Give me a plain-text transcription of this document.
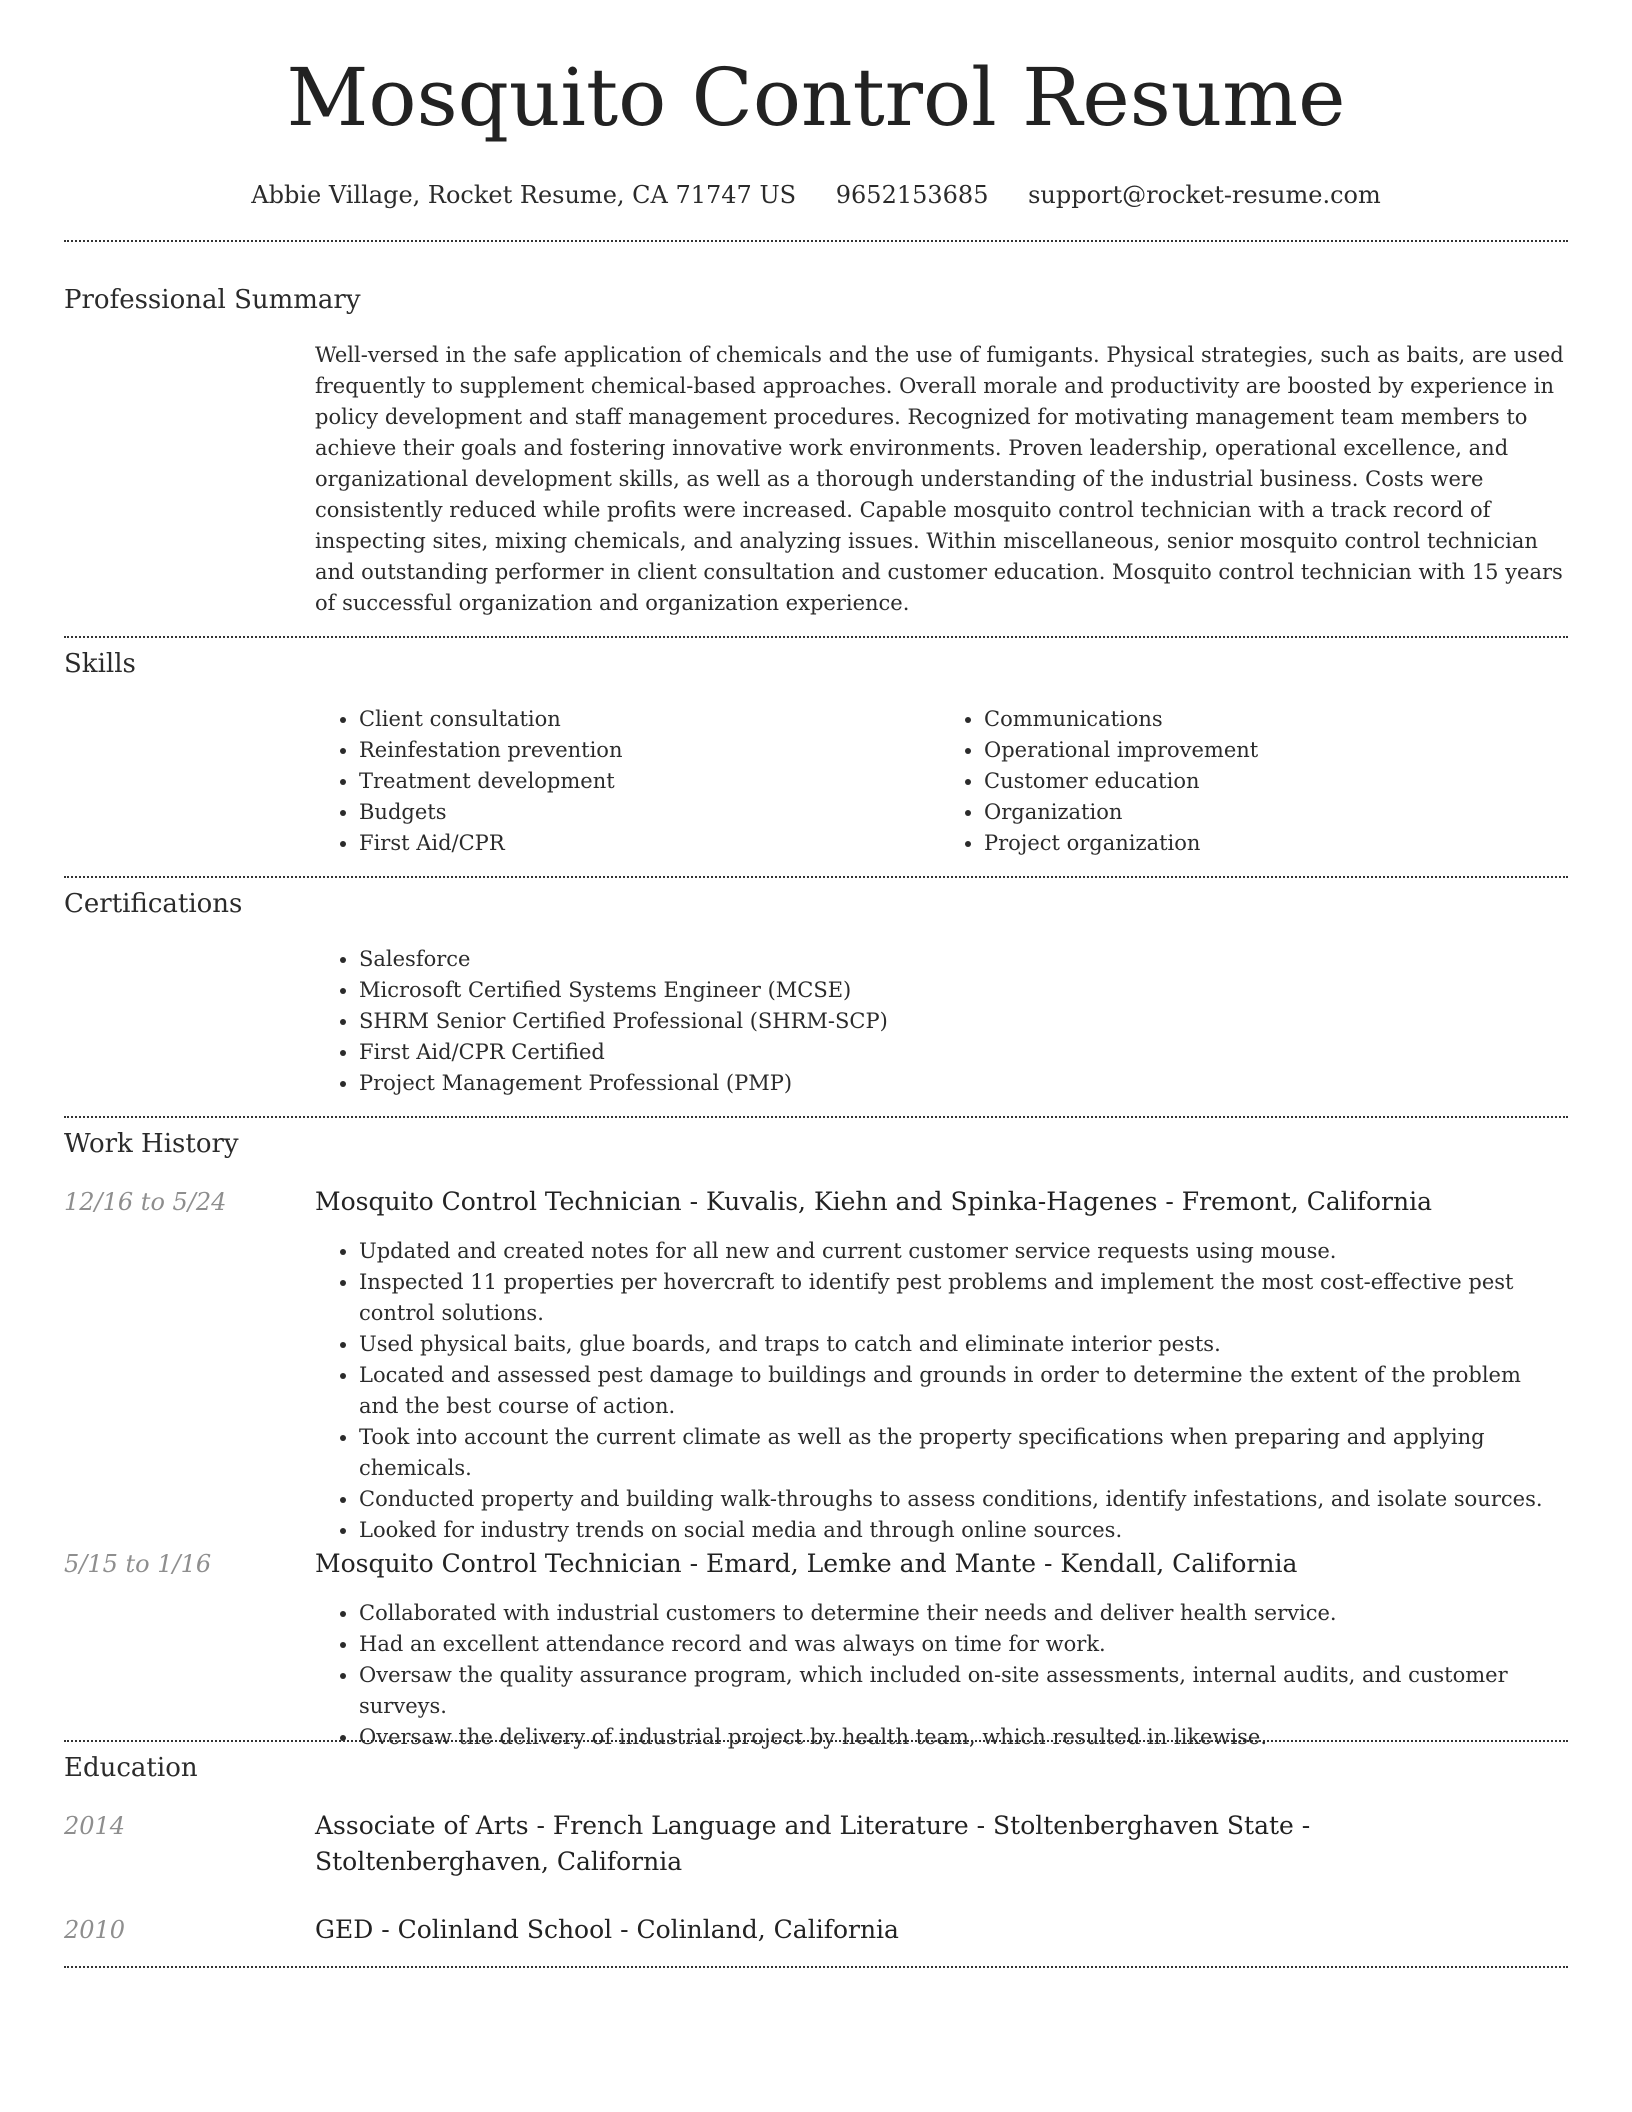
Mosquito Control Resume
Abbie Village, Rocket Resume, CA 71747 US 9652153685 support@rocket-resume.com
Professional Summary
Well-versed in the safe application of chemicals and the use of fumigants. Physical strategies, such as baits, are used frequently to supplement chemical-based approaches. Overall morale and productivity are boosted by experience in policy development and staff management procedures. Recognized for motivating management team members to achieve their goals and fostering innovative work environments. Proven leadership, operational excellence, and organizational development skills, as well as a thorough understanding of the industrial business. Costs were consistently reduced while profits were increased. Capable mosquito control technician with a track record of inspecting sites, mixing chemicals, and analyzing issues. Within miscellaneous, senior mosquito control technician and outstanding performer in client consultation and customer education. Mosquito control technician with 15 years of successful organization and organization experience.
Skills
• Client consultation
• Reinfestation prevention
• Treatment development
• Budgets
• First Aid/CPR
• Communications
• Operational improvement
• Customer education
• Organization
• Project organization
Certifications
• Salesforce
• Microsoft Certified Systems Engineer (MCSE)
• SHRM Senior Certified Professional (SHRM-SCP)
• First Aid/CPR Certified
• Project Management Professional (PMP)
Work History
12/16 to 5/24	Mosquito Control Technician - Kuvalis, Kiehn and Spinka-Hagenes - Fremont, California
• Updated and created notes for all new and current customer service requests using mouse.
• Inspected 11 properties per hovercraft to identify pest problems and implement the most cost-effective pest control solutions.
• Used physical baits, glue boards, and traps to catch and eliminate interior pests.
• Located and assessed pest damage to buildings and grounds in order to determine the extent of the problem and the best course of action.
• Took into account the current climate as well as the property specifications when preparing and applying chemicals.
• Conducted property and building walk-throughs to assess conditions, identify infestations, and isolate sources.
• Looked for industry trends on social media and through online sources.
5/15 to 1/16	Mosquito Control Technician - Emard, Lemke and Mante - Kendall, California
• Collaborated with industrial customers to determine their needs and deliver health service.
• Had an excellent attendance record and was always on time for work.
• Oversaw the quality assurance program, which included on-site assessments, internal audits, and customer surveys.
• Oversaw the delivery of industrial project by health team, which resulted in likewise.
Education
2014	Associate of Arts - French Language and Literature - Stoltenberghaven State - Stoltenberghaven, California
2010	GED - Colinland School - Colinland, California
